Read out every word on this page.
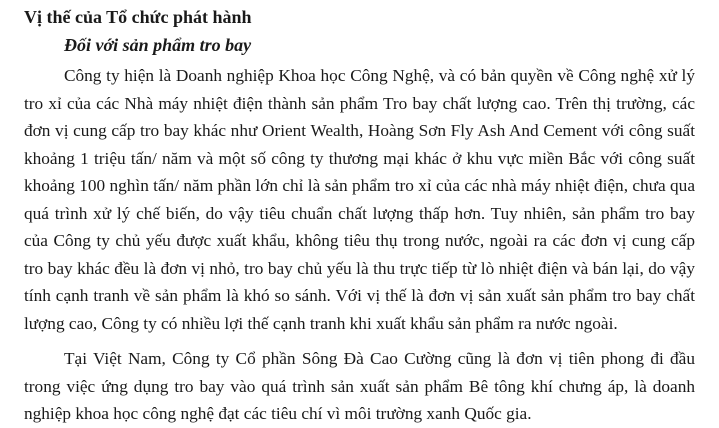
Vị thế của Tổ chức phát hành
Đối với sản phẩm tro bay

Công ty hiện là Doanh nghiệp Khoa học Công Nghệ, và có bản quyền về Công nghệ xử lý tro xỉ của các Nhà máy nhiệt điện thành sản phẩm Tro bay chất lượng cao. Trên thị trường, các đơn vị cung cấp tro bay khác như Orient Wealth, Hoàng Sơn Fly Ash And Cement với công suất khoảng 1 triệu tấn/ năm và một số công ty thương mại khác ở khu vực miền Bắc với công suất khoảng 100 nghìn tấn/ năm phần lớn chỉ là sản phẩm tro xỉ của các nhà máy nhiệt điện, chưa qua quá trình xử lý chế biến, do vậy tiêu chuẩn chất lượng thấp hơn. Tuy nhiên, sản phẩm tro bay của Công ty chủ yếu được xuất khẩu, không tiêu thụ trong nước, ngoài ra các đơn vị cung cấp tro bay khác đều là đơn vị nhỏ, tro bay chủ yếu là thu trực tiếp từ lò nhiệt điện và bán lại, do vậy tính cạnh tranh về sản phẩm là khó so sánh. Với vị thế là đơn vị sản xuất sản phẩm tro bay chất lượng cao, Công ty có nhiều lợi thế cạnh tranh khi xuất khẩu sản phẩm ra nước ngoài.

Tại Việt Nam, Công ty Cổ phần Sông Đà Cao Cường cũng là đơn vị tiên phong đi đầu trong việc ứng dụng tro bay vào quá trình sản xuất sản phẩm Bê tông khí chưng áp, là doanh nghiệp khoa học công nghệ đạt các tiêu chí vì môi trường xanh Quốc gia.
